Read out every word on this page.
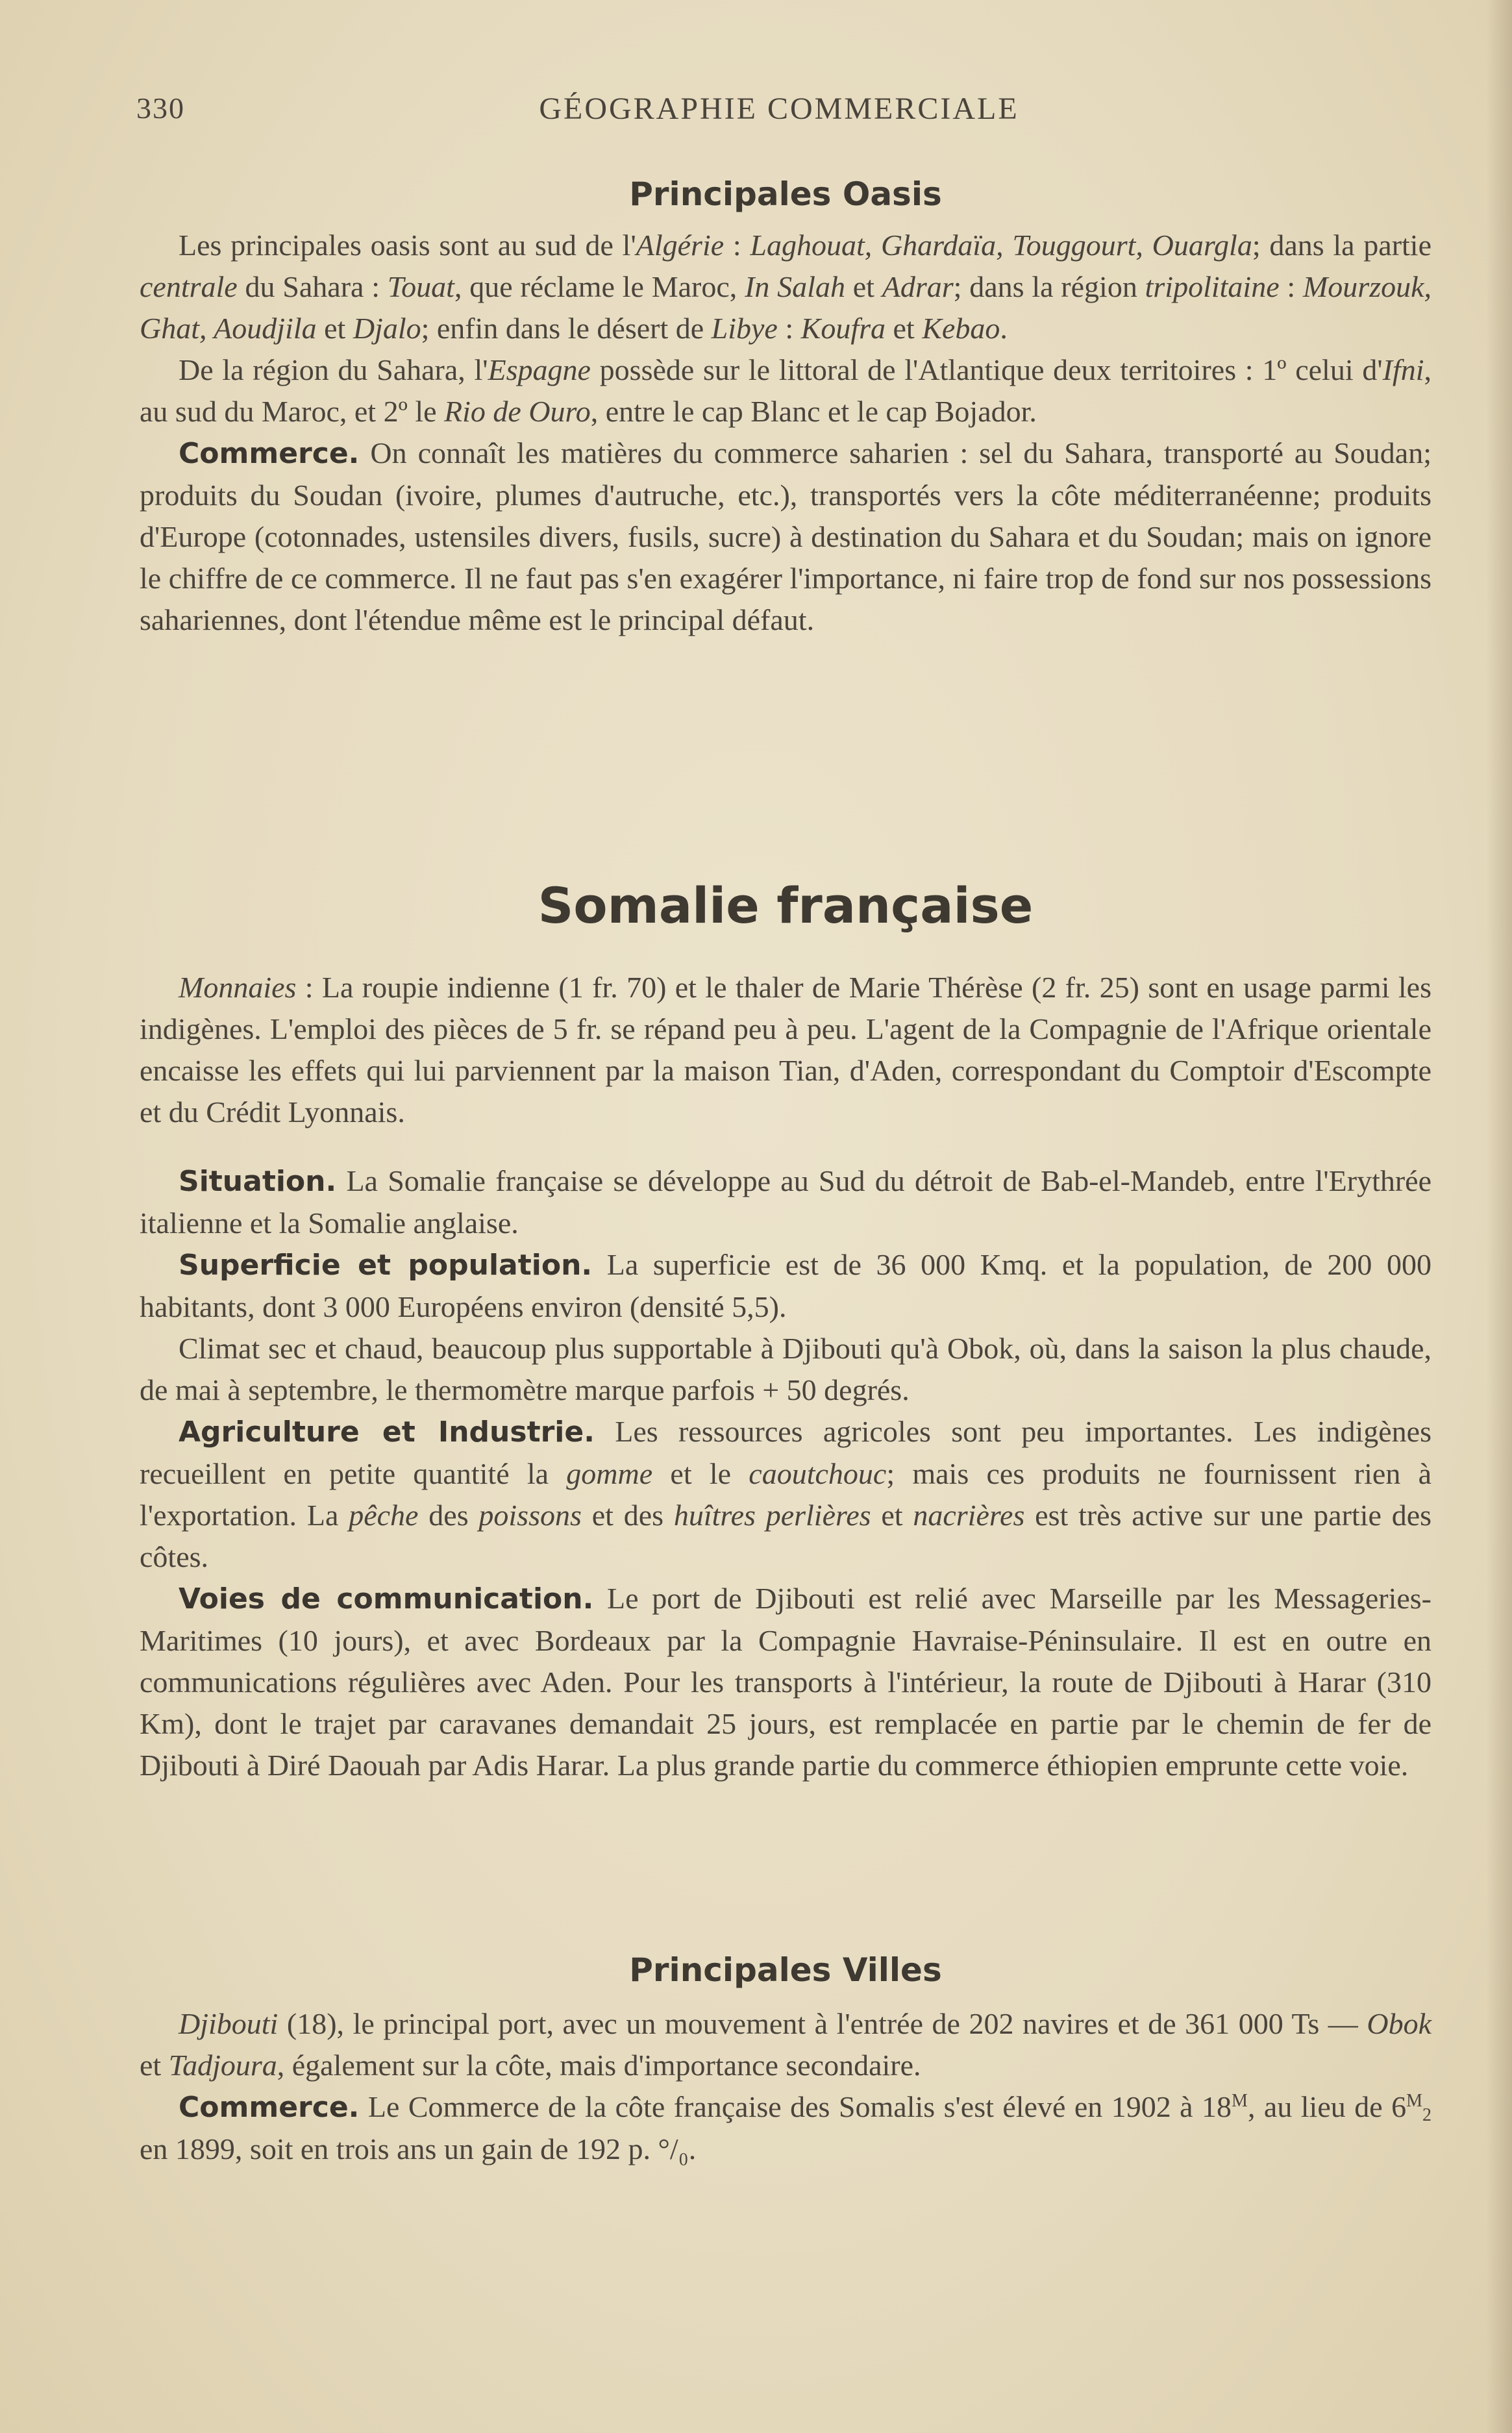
330	GÉOGRAPHIE COMMERCIALE
Principales Oasis

Les principales oasis sont au sud de l'Algérie : Laghouat, Ghardaïa, Touggourt, Ouargla; dans la partie centrale du Sahara : Touat, que réclame le Maroc, In Salah et Adrar; dans la région tripolitaine : Mourzouk, Ghat, Aoudjila et Djalo; enfin dans le désert de Libye : Koufra et Kebao.

De la région du Sahara, l'Espagne possède sur le littoral de l'Atlantique deux territoires : 1º celui d'Ifni, au sud du Maroc, et 2º le Rio de Ouro, entre le cap Blanc et le cap Bojador.

Commerce. On connaît les matières du commerce saharien : sel du Sahara, transporté au Soudan; produits du Soudan (ivoire, plumes d'autruche, etc.), transportés vers la côte méditerranéenne; produits d'Europe (cotonnades, ustensiles divers, fusils, sucre) à destination du Sahara et du Soudan; mais on ignore le chiffre de ce commerce. Il ne faut pas s'en exagérer l'importance, ni faire trop de fond sur nos possessions sahariennes, dont l'étendue même est le principal défaut.

Somalie française

Monnaies : La roupie indienne (1 fr. 70) et le thaler de Marie Thérèse (2 fr. 25) sont en usage parmi les indigènes. L'emploi des pièces de 5 fr. se répand peu à peu. L'agent de la Compagnie de l'Afrique orientale encaisse les effets qui lui parviennent par la maison Tian, d'Aden, correspondant du Comptoir d'Escompte et du Crédit Lyonnais.

Situation. La Somalie française se développe au Sud du détroit de Bab-el-Mandeb, entre l'Erythrée italienne et la Somalie anglaise.

Superficie et population. La superficie est de 36 000 Kmq. et la population, de 200 000 habitants, dont 3 000 Européens environ (densité 5,5).

Climat sec et chaud, beaucoup plus supportable à Djibouti qu'à Obok, où, dans la saison la plus chaude, de mai à septembre, le thermomètre marque parfois + 50 degrés.

Agriculture et Industrie. Les ressources agricoles sont peu importantes. Les indigènes recueillent en petite quantité la gomme et le caoutchouc; mais ces produits ne fournissent rien à l'exportation. La pêche des poissons et des huîtres perlières et nacrières est très active sur une partie des côtes.

Voies de communication. Le port de Djibouti est relié avec Marseille par les Messageries-Maritimes (10 jours), et avec Bordeaux par la Compagnie Havraise-Péninsulaire. Il est en outre en communications régulières avec Aden. Pour les transports à l'intérieur, la route de Djibouti à Harar (310 Km), dont le trajet par caravanes demandait 25 jours, est remplacée en partie par le chemin de fer de Djibouti à Diré Daouah par Adis Harar. La plus grande partie du commerce éthiopien emprunte cette voie.

Principales Villes

Djibouti (18), le principal port, avec un mouvement à l'entrée de 202 navires et de 361 000 Ts — Obok et Tadjoura, également sur la côte, mais d'importance secondaire.

Commerce. Le Commerce de la côte française des Somalis s'est élevé en 1902 à $18^M$, au lieu de $6^M_2$ en 1899, soit en trois ans un gain de 192 p. °/₀.
